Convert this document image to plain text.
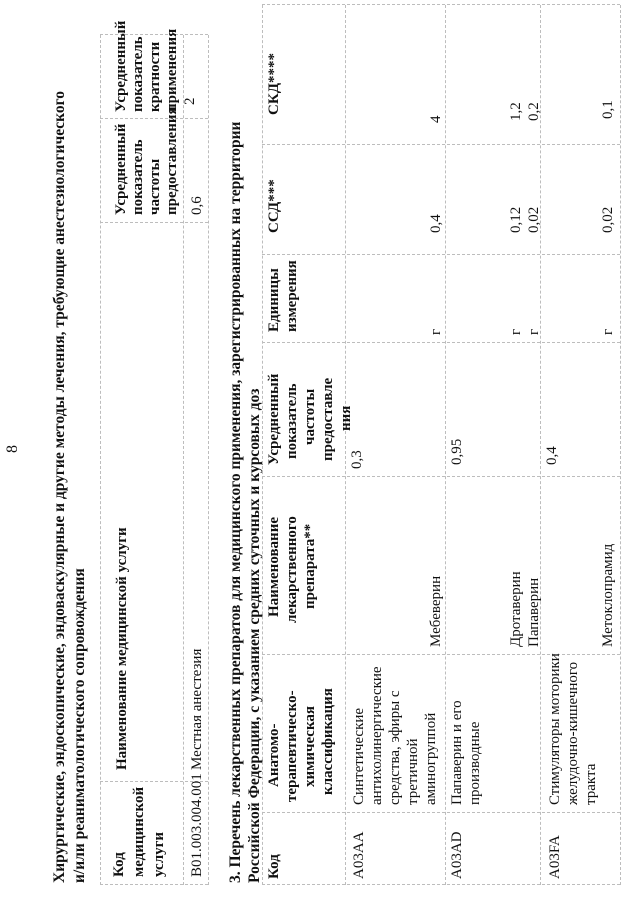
8 Хирургические, эндоскопические, эндоваскулярные и другие методы лечения, требующие анестезиологического и/или реаниматологического сопровождения Код медицинской услуги
Наименование медицинской услуги
Усредненный показатель частоты предоставления
Усредненный показатель кратности применения
B01.003.004.001
Местная анестезия
0,6
2
3. Перечень лекарственных препаратов для медицинского применения, зарегистрированных на территории Российской Федерации, с указанием средних суточных и курсовых доз Код
Анатомо- терапевтическо- химическая классификация
Наименование лекарственного препарата**
Усредненный показатель частоты предоставле ния
Единицы измерения
ССД***
СКД****
A03AA
Синтетические антихолинергические средства, эфиры с третичной аминогруппой
0,3
Мебеверин
г
0,4
4
A03AD
Папаверин и его производные
0,95
Дротаверин
г
0,12
1,2
Папаверин
г
0,02
0,2
A03FA
Стимуляторы моторики желудочно-кишечного тракта
0,4
Метоклопрамид
г
0,02
0,1
